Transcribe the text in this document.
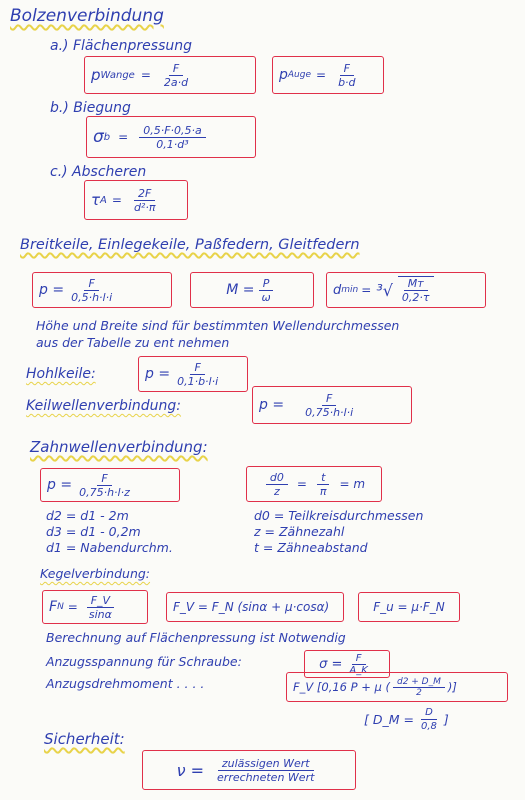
Bolzenverbindung
a.) Flächenpressung
p Wange = $\frac{F}{2a\cdot d}$	p Auge = $\frac{F}{b\cdot d}$
b.) Biegung
σ $b = \frac{0,5\cdot F\cdot 0,5\cdot a}{\text{0,1·d³}}$
c.) Abscheren
τ $A = \frac{2F}{\text{d²·π}}$
Breitkeile, Einlegekeile, Paßfedern, Gleitfedern
$p = \frac{F}{0,5\cdot h\cdot l\cdot i}$	$M = \frac{P}{\omega}$	d $\min = ^3√ \frac{Mт}{0,2\cdot\tau}$
Höhe und Breite sind für bestimmten Wellendurchmessen
aus der Tabelle zu ent nehmen
Hohlkeile:	$p = \frac{F}{0,1\cdot b\cdot l\cdot i}$
Keilwellenverbindung:	$p = \frac{F}{0,75\cdot h\cdot l\cdot i}$
Zahnwellenverbindung:
$p = \frac{F}{0,75\cdot h\cdot l\cdot z}$	$\frac{d0}{z} = \frac{t}{\pi} = m$
d2 = d1 - 2m
d3 = d1 - 0,2m
d1 = Nabendurchm.
d0 = Teilkreisdurchmessen
z = Zähnezahl
t = Zähneabstand
Kegelverbindung:
F $N = \frac{F\_V}{\sin\alpha}$	F_V = F_N (sinα + μ·cosα)	F_u = μ·F_N
Berechnung auf Flächenpressung ist Notwendig
Anzugsspannung für Schraube:	$\sigma = \frac{F}{A\_K}$
Anzugsdrehmoment . . . .	F_V [0,16 P + μ ( $\frac{d2 + D\_M}{2}$ )]
[ D_M = $\frac{D}{0,8}$ ]
Sicherheit:
$\nu = \frac{\text{zulässigen Wert}}{\text{errechneten Wert}}$
